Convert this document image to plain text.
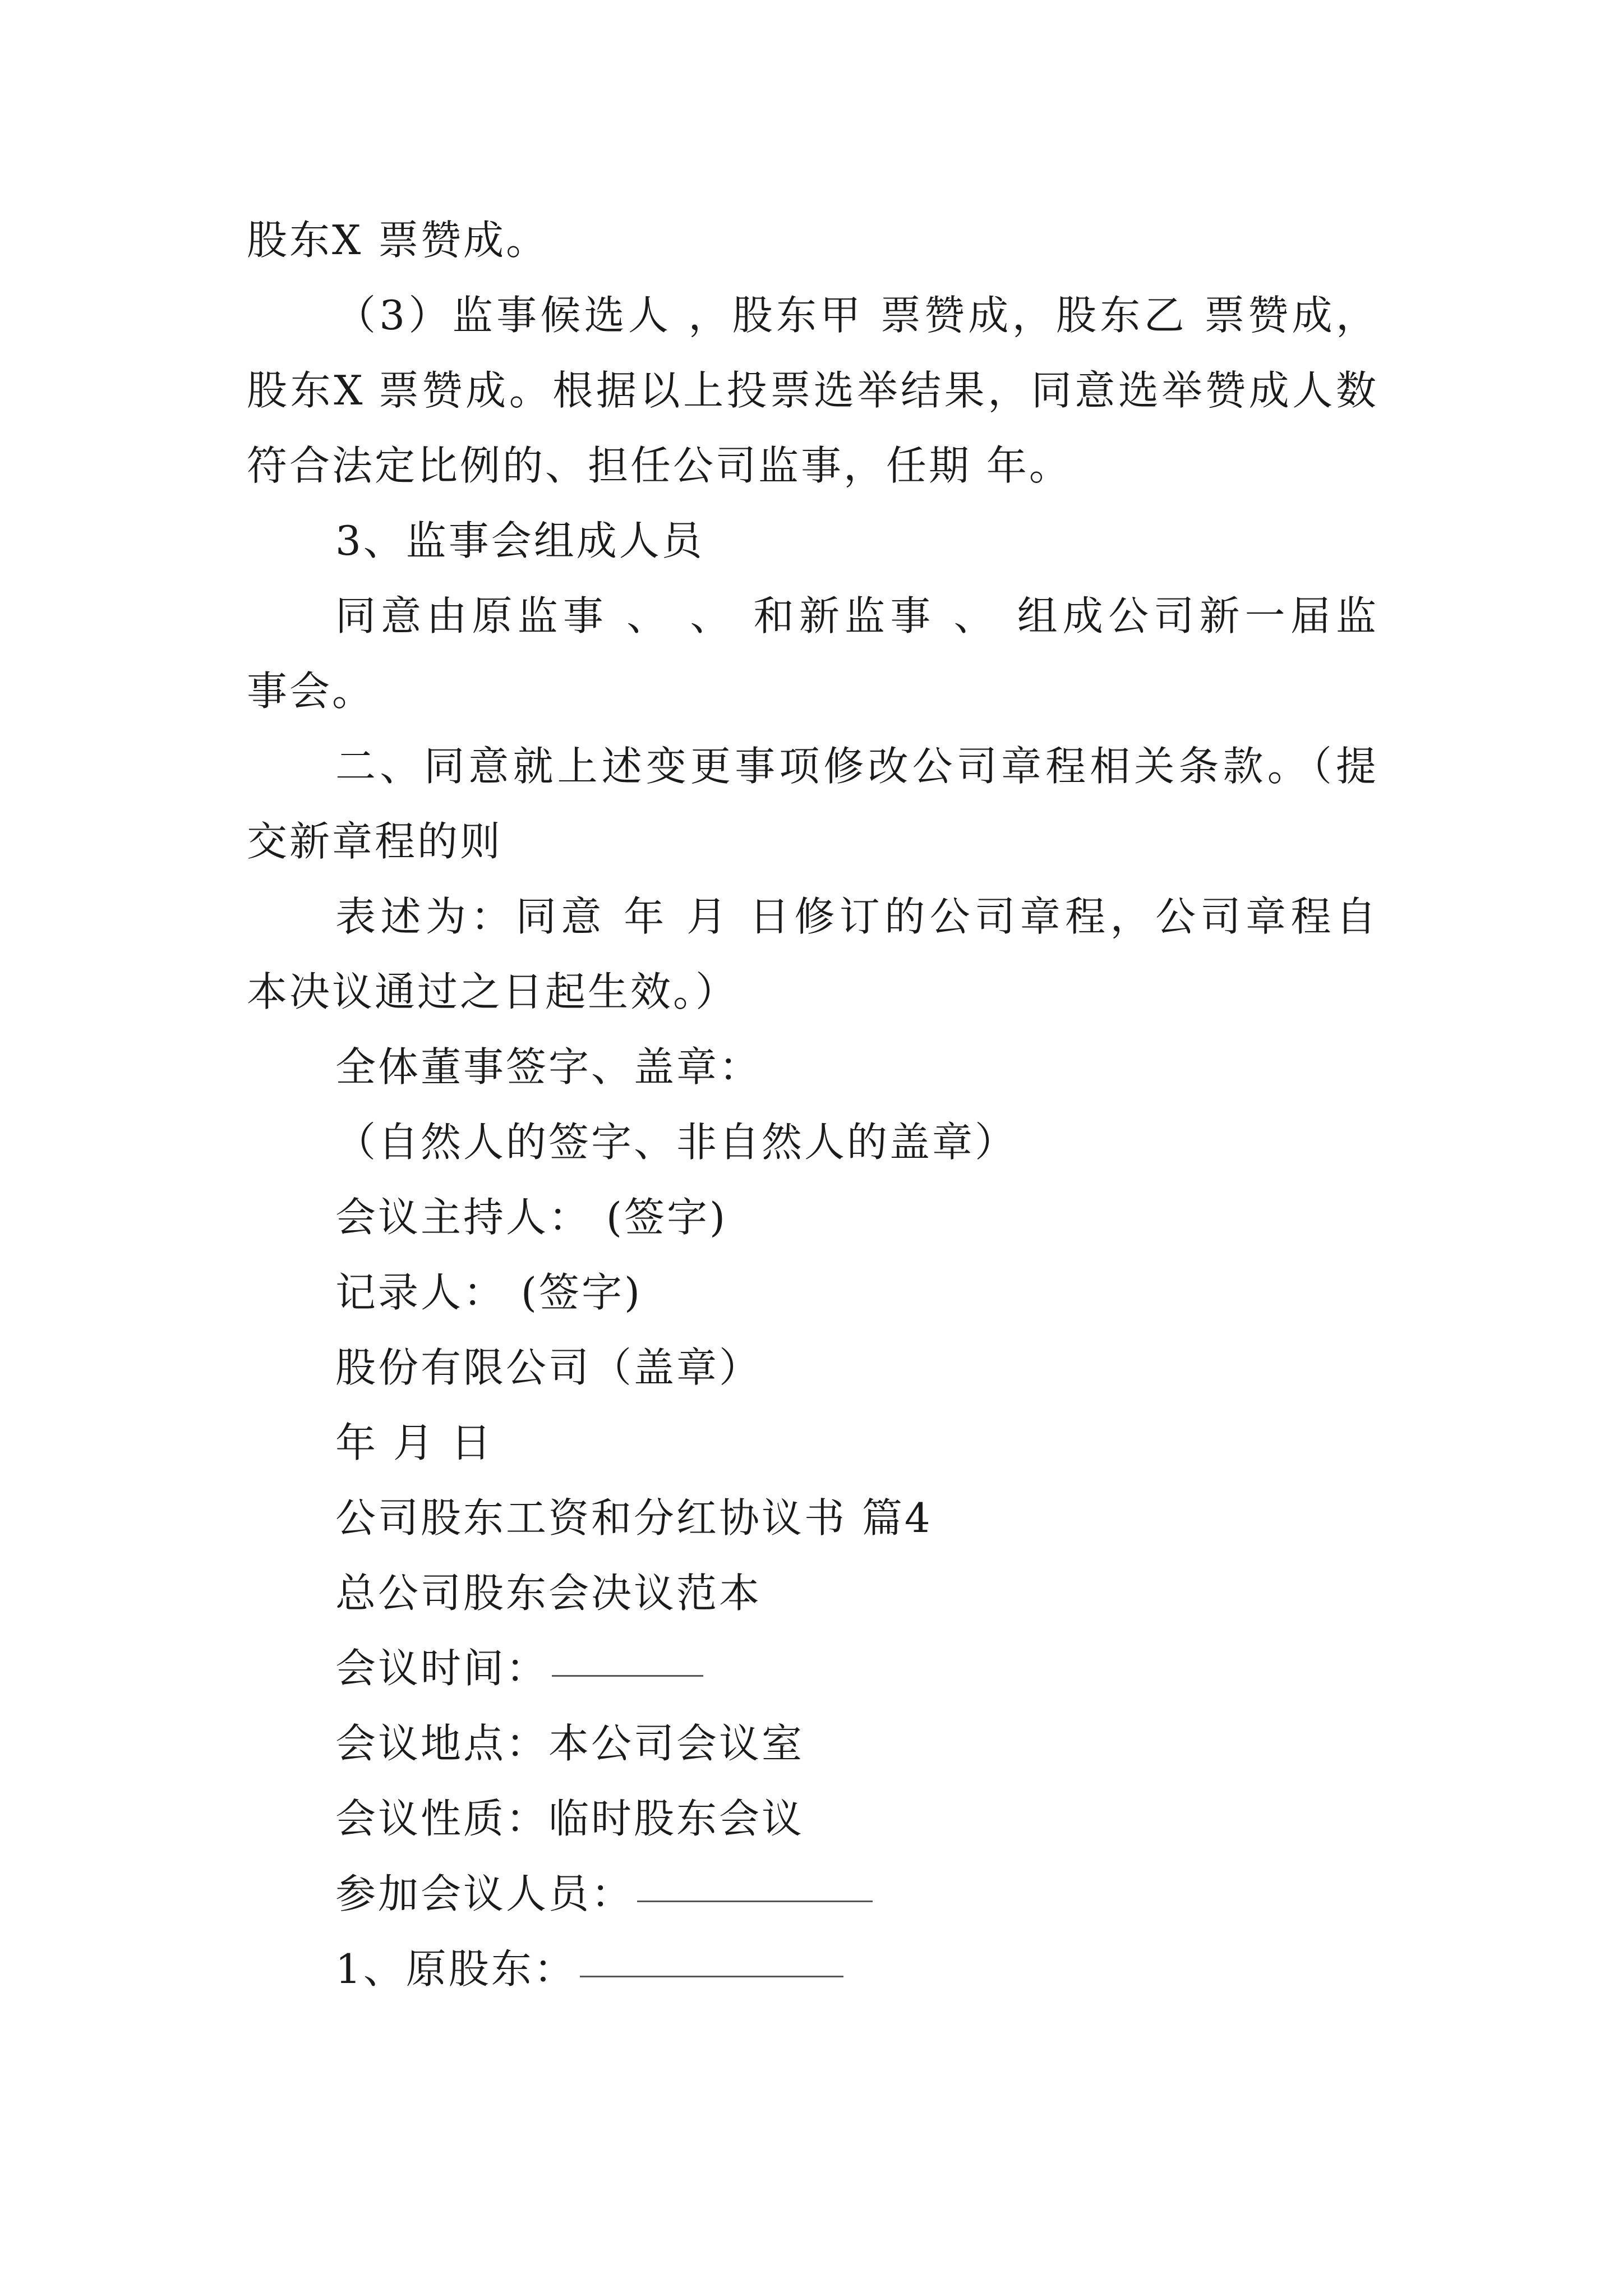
股东X 票赞成。
（3）监事候选人 ，股东甲 票赞成，股东乙 票赞成，
股东X 票赞成。根据以上投票选举结果，同意选举赞成人数
符合法定比例的、担任公司监事，任期 年。
3、监事会组成人员
同意由原监事 、 、 和新监事 、 组成公司新一届监
事会。
二、同意就上述变更事项修改公司章程相关条款。（提
交新章程的则
表述为：同意 年 月 日修订的公司章程，公司章程自
本决议通过之日起生效。）
全体董事签字、盖章：
（自然人的签字、非自然人的盖章）
会议主持人： (签字)
记录人： (签字)
股份有限公司（盖章）
年 月 日
公司股东工资和分红协议书 篇4
总公司股东会决议范本
会议时间：
会议地点：本公司会议室
会议性质：临时股东会议
参加会议人员：
1、原股东：
